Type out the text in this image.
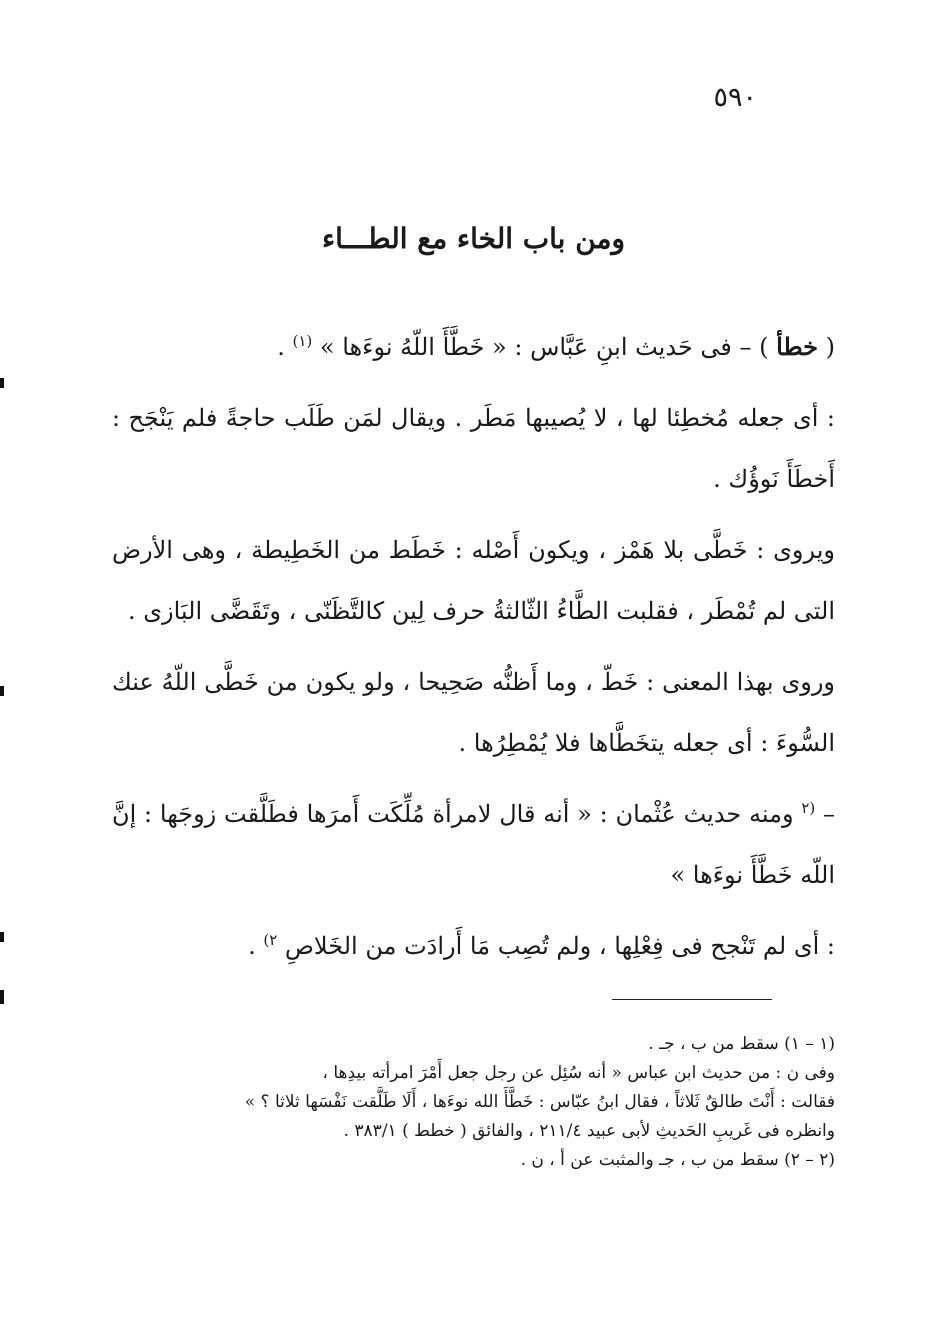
٥٩٠
ومن باب الخاء مع الطـــاء

( خطأ ) – فى حَديث ابنِ عَبَّاس : « خَطَّأَ اللّهُ نوءَها » $^{(١)}$ .

: أى جعله مُخطِئا لها ، لا يُصيبها مَطَر . ويقال لمَن طَلَب حاجةً فلم يَنْجَح : أَخطَأَ نَوؤُك .

ويروى : خَطَّى بلا هَمْز ، ويكون أَصْله : خَطَط من الخَطِيطة ، وهى الأرض التى لم تُمْطَر ، فقلبت الطَّاءُ الثّالثةُ حرف لِين كالتَّظَنّى ، وتَقَضَّى البَازى .

وروى بهذا المعنى : خَطّ ، وما أَظنُّه صَحِيحا ، ولو يكون من خَطَّى اللّهُ عنك السُّوءَ : أى جعله يتخَطَّاها فلا يُمْطِرُها .

– $^{(٢}$ ومنه حديث عُثْمان : « أنه قال لامرأة مُلِّكَت أَمرَها فطَلَّقت زوجَها : إنَّ اللّه خَطَّأَ نوءَها »

: أى لم تَنْجح فى فِعْلِها ، ولم تُصِب مَا أَرادَت من الخَلاصِ $^{٢)}$ .

(١ – ١) سقط من ب ، جـ .

وفى ن : من حديث ابن عباس « أنه سُئِل عن رجل جعل أَمْرَ امرأته بيدِها ،

فقالت : أَنْتَ طالقٌ ثَلاثاً ، فقال ابنُ عبّاس : خَطَّأَ الله نوءَها ، أَلَا طَلَّقت نَفْسَها ثلاثا ؟ »

وانظره فى غَريبِ الحَديثِ لأبى عبيد ٢١١/٤ ، والفائق ( خطط ) ٣٨٣/١ .

(٢ – ٢) سقط من ب ، جـ والمثبت عن أ ، ن .
